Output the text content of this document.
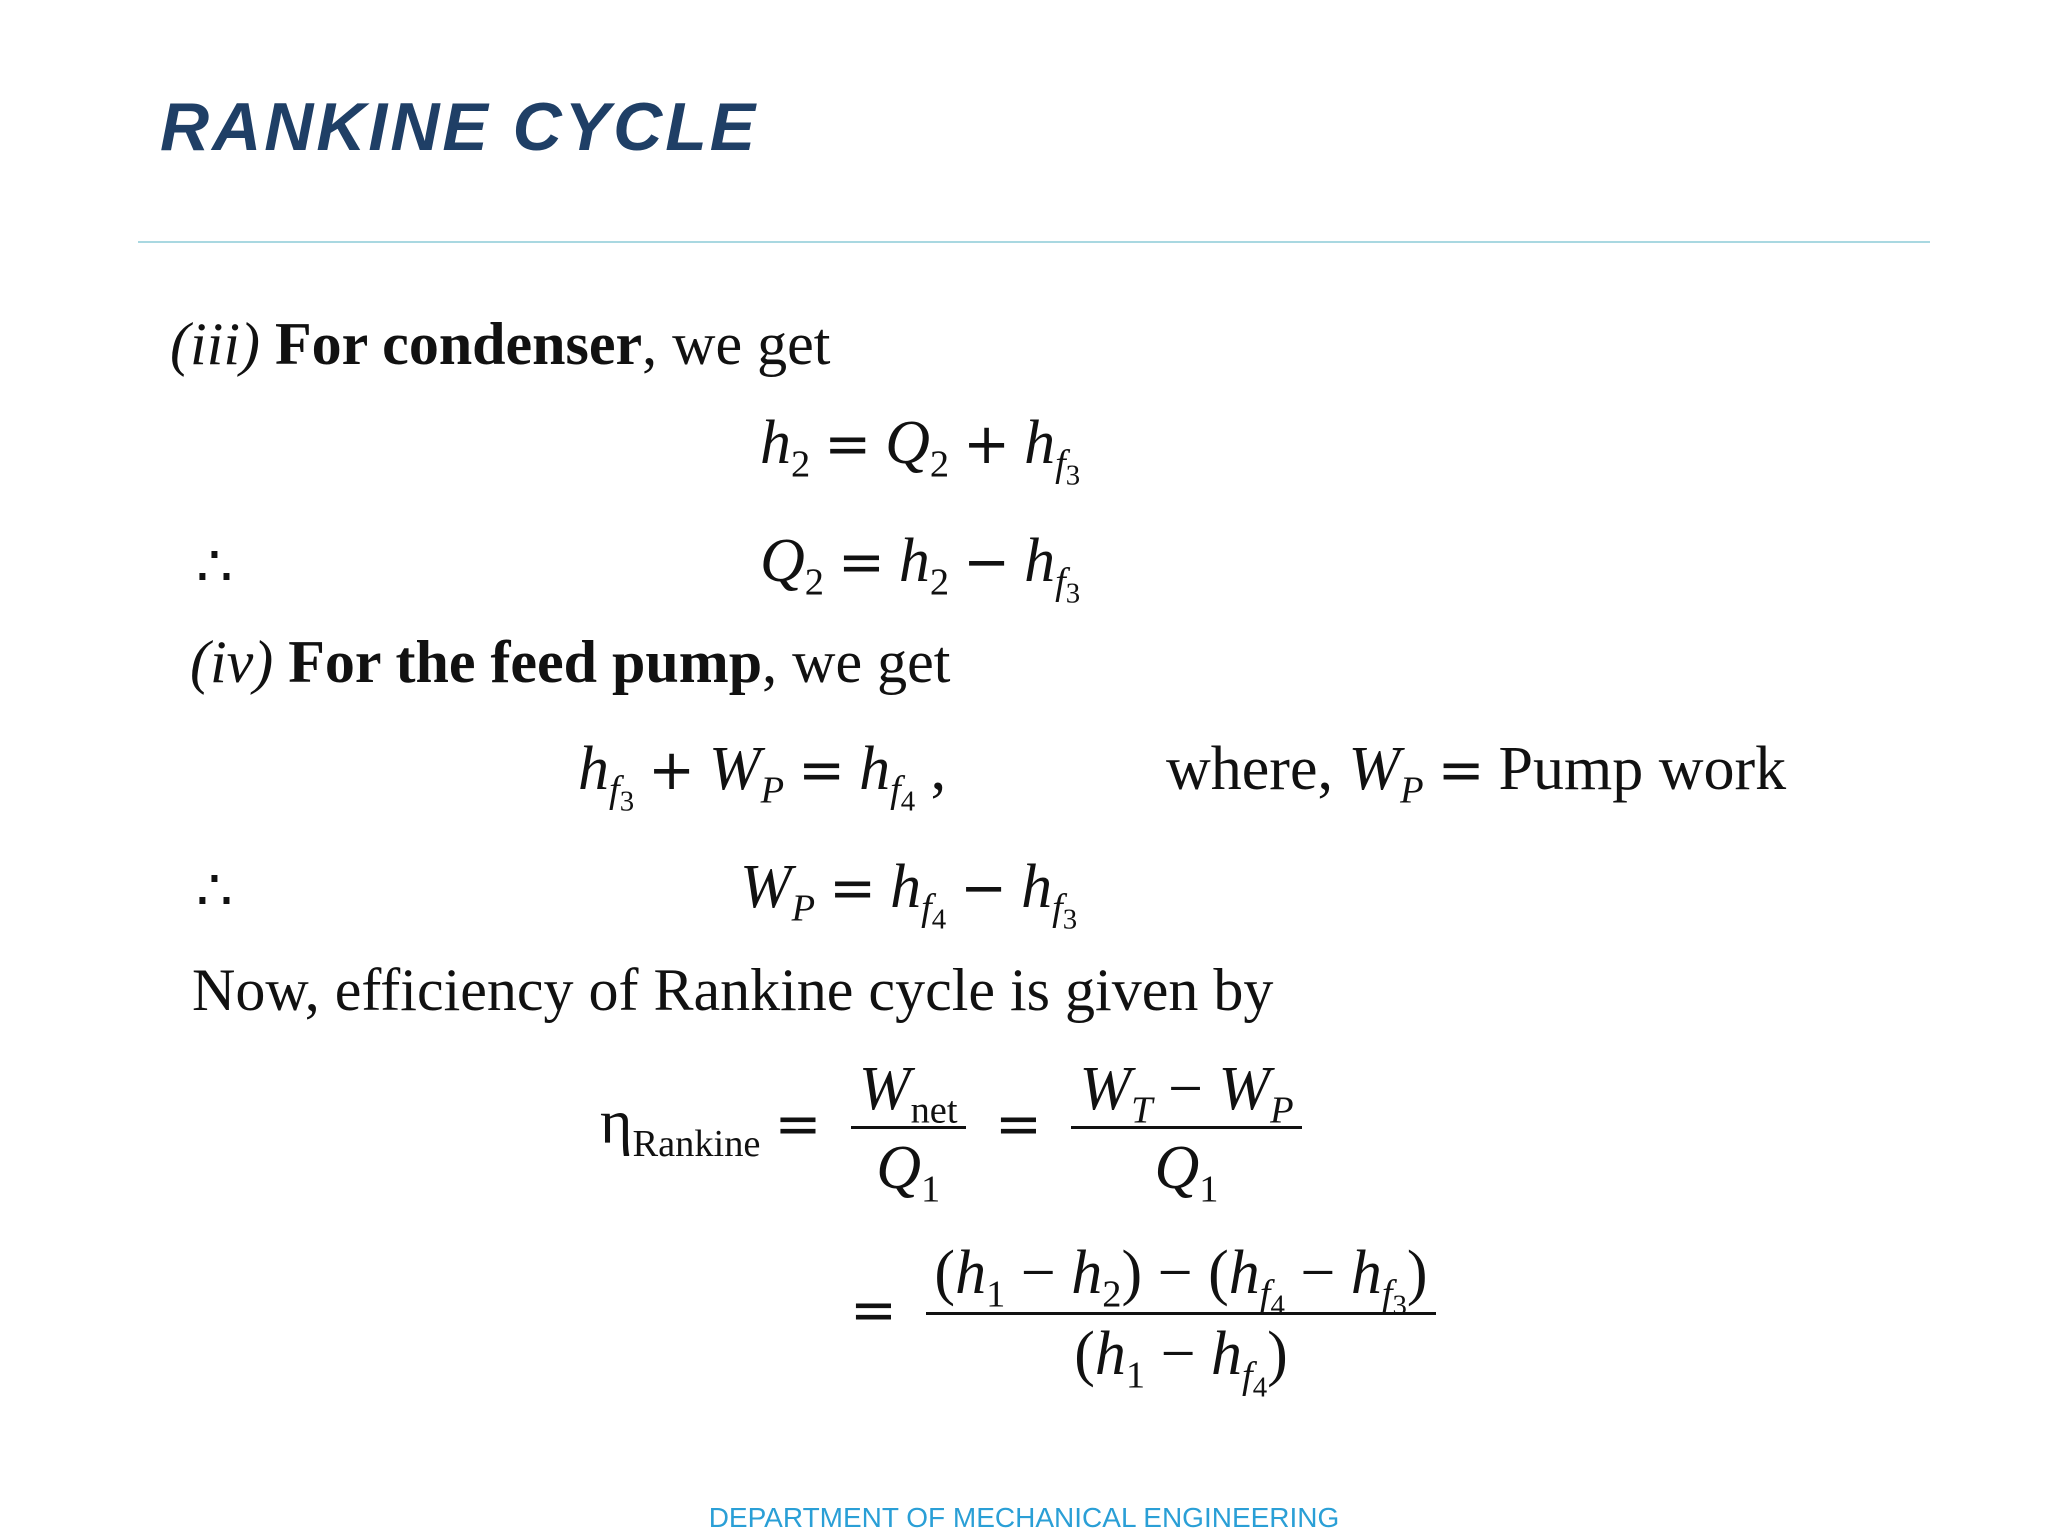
RANKINE CYCLE
(iii) For condenser, we get
$h_2 = Q_2 + h_{f_3}$
∴	$Q_2 = h_2 - h_{f_3}$
(iv) For the feed pump, we get
$h_{f_3} + W_P = h_{f_4}$ ,	where, $W_P$ = Pump work
∴	$W_P = h_{f_4} - h_{f_3}$
Now, efficiency of Rankine cycle is given by
$\eta_{Rankine} = \frac{W_{net}}{Q_1} = \frac{W_T - W_P}{Q_1}$
= $\frac{(h_1 - h_2) - (h_{f_4} - h_{f_3})}{(h_1 - h_{f_4})}$
DEPARTMENT OF MECHANICAL ENGINEERING
